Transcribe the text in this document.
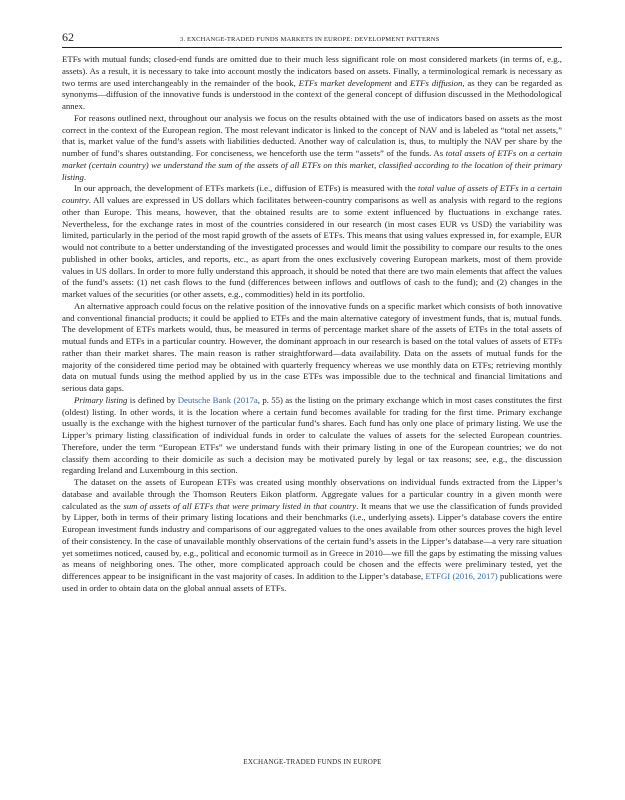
62	3. EXCHANGE-TRADED FUNDS MARKETS IN EUROPE: DEVELOPMENT PATTERNS

ETFs with mutual funds; closed-end funds are omitted due to their much less significant role on most considered markets (in terms of, e.g., assets). As a result, it is necessary to take into account mostly the indicators based on assets. Finally, a terminological remark is necessary as two terms are used interchangeably in the remainder of the book, ETFs market development and ETFs diffusion, as they can be regarded as synonyms—diffusion of the innovative funds is understood in the context of the general concept of diffusion discussed in the Methodological annex.

For reasons outlined next, throughout our analysis we focus on the results obtained with the use of indicators based on assets as the most correct in the context of the European region. The most relevant indicator is linked to the concept of NAV and is labeled as “total net assets,” that is, market value of the fund’s assets with liabilities deducted. Another way of calculation is, thus, to multiply the NAV per share by the number of fund’s shares outstanding. For conciseness, we henceforth use the term “assets” of the funds. As total assets of ETFs on a certain market (certain country) we understand the sum of the assets of all ETFs on this market, classified according to the location of their primary listing.

In our approach, the development of ETFs markets (i.e., diffusion of ETFs) is measured with the total value of assets of ETFs in a certain country. All values are expressed in US dollars which facilitates between-country comparisons as well as analysis with regard to the regions other than Europe. This means, however, that the obtained results are to some extent influenced by fluctuations in exchange rates. Nevertheless, for the exchange rates in most of the countries considered in our research (in most cases EUR vs USD) the variability was limited, particularly in the period of the most rapid growth of the assets of ETFs. This means that using values expressed in, for example, EUR would not contribute to a better understanding of the investigated processes and would limit the possibility to compare our results to the ones published in other books, articles, and reports, etc., as apart from the ones exclusively covering European markets, most of them provide values in US dollars. In order to more fully understand this approach, it should be noted that there are two main elements that affect the values of the fund’s assets: (1) net cash flows to the fund (differences between inflows and outflows of cash to the fund); and (2) changes in the market values of the securities (or other assets, e.g., commodities) held in its portfolio.

An alternative approach could focus on the relative position of the innovative funds on a specific market which consists of both innovative and conventional financial products; it could be applied to ETFs and the main alternative category of investment funds, that is, mutual funds. The development of ETFs markets would, thus, be measured in terms of percentage market share of the assets of ETFs in the total assets of mutual funds and ETFs in a particular country. However, the dominant approach in our research is based on the total values of assets of ETFs rather than their market shares. The main reason is rather straightforward—data availability. Data on the assets of mutual funds for the majority of the considered time period may be obtained with quarterly frequency whereas we use monthly data on ETFs; retrieving monthly data on mutual funds using the method applied by us in the case ETFs was impossible due to the technical and financial limitations and serious data gaps.

Primary listing is defined by Deutsche Bank (2017a, p. 55) as the listing on the primary exchange which in most cases constitutes the first (oldest) listing. In other words, it is the location where a certain fund becomes available for trading for the first time. Primary exchange usually is the exchange with the highest turnover of the particular fund’s shares. Each fund has only one place of primary listing. We use the Lipper’s primary listing classification of individual funds in order to calculate the values of assets for the selected European countries. Therefore, under the term “European ETFs” we understand funds with their primary listing in one of the European countries; we do not classify them according to their domicile as such a decision may be motivated purely by legal or tax reasons; see, e.g., the discussion regarding Ireland and Luxembourg in this section.

The dataset on the assets of European ETFs was created using monthly observations on individual funds extracted from the Lipper’s database and available through the Thomson Reuters Eikon platform. Aggregate values for a particular country in a given month were calculated as the sum of assets of all ETFs that were primary listed in that country. It means that we use the classification of funds provided by Lipper, both in terms of their primary listing locations and their benchmarks (i.e., underlying assets). Lipper’s database covers the entire European investment funds industry and comparisons of our aggregated values to the ones available from other sources proves the high level of their consistency. In the case of unavailable monthly observations of the certain fund’s assets in the Lipper’s database—a very rare situation yet sometimes noticed, caused by, e.g., political and economic turmoil as in Greece in 2010—we fill the gaps by estimating the missing values as means of neighboring ones. The other, more complicated approach could be chosen and the effects were preliminary tested, yet the differences appear to be insignificant in the vast majority of cases. In addition to the Lipper’s database, ETFGI (2016, 2017) publications were used in order to obtain data on the global annual assets of ETFs.

EXCHANGE-TRADED FUNDS IN EUROPE
